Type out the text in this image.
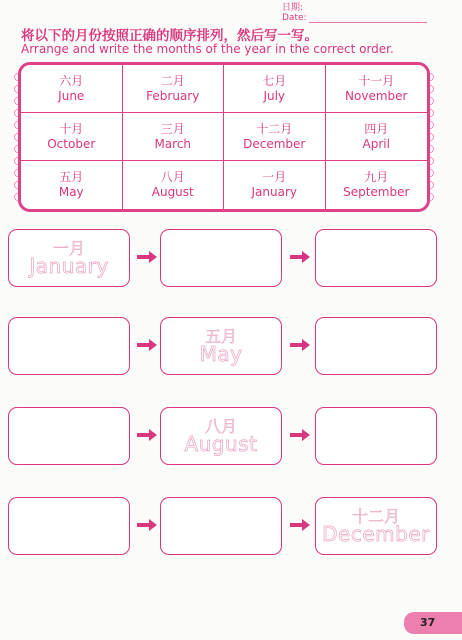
日期:
Date:
将以下的月份按照正确的顺序排列，然后写一写。
Arrange and write the months of the year in the correct order.
六月
June
二月
February
七月
July
十一月
November
十月
October
三月
March
十二月
December
四月
April
五月
May
八月
August
一月
January
九月
September
一月
January
五月
May
八月
August
十二月
December
37
